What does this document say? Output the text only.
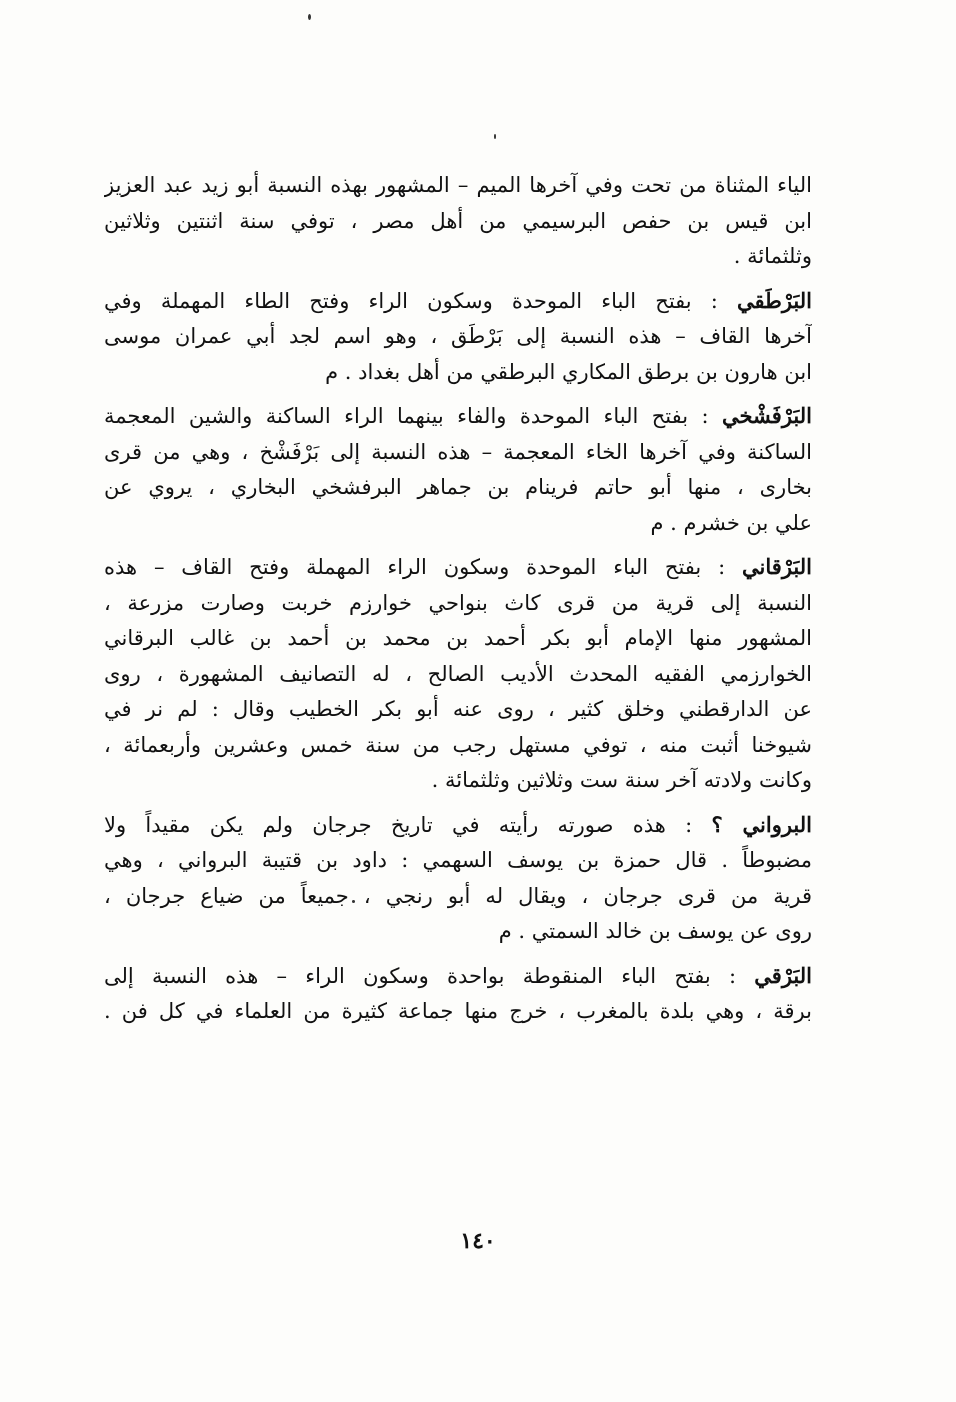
الياء المثناة من تحت وفي آخرها الميم – المشهور بهذه النسبة أبو زيد عبد العزيز
ابن قيس بن حفص البرسيمي من أهل مصر ، توفي سنة اثنتين وثلاثين
وثلثمائة .
البَرْطَقي : بفتح الباء الموحدة وسكون الراء وفتح الطاء المهملة وفي
آخرها القاف – هذه النسبة إلى بَرْطَق ، وهو اسم لجد أبي عمران موسى
ابن هارون بن برطق المكاري البرطقي من أهل بغداد . م
البَرْفَشْخي : بفتح الباء الموحدة والفاء بينهما الراء الساكنة والشين المعجمة
الساكنة وفي آخرها الخاء المعجمة – هذه النسبة إلى بَرْفَشْخ ، وهي من قرى
بخارى ، منها أبو حاتم فرينام بن جماهر البرفشخي البخاري ، يروي عن
علي بن خشرم . م
البَرْقاني : بفتح الباء الموحدة وسكون الراء المهملة وفتح القاف – هذه
النسبة إلى قرية من قرى كاث بنواحي خوارزم خربت وصارت مزرعة ،
المشهور منها الإمام أبو بكر أحمد بن محمد بن أحمد بن غالب البرقاني
الخوارزمي الفقيه المحدث الأديب الصالح ، له التصانيف المشهورة ، روى
عن الدارقطني وخلق كثير ، روى عنه أبو بكر الخطيب وقال : لم نر في
شيوخنا أثبت منه ، توفي مستهل رجب من سنة خمس وعشرين وأربعمائة ،
وكانت ولادته آخر سنة ست وثلاثين وثلثمائة .
البرواني ؟ : هذه صورته رأيته في تاريخ جرجان ولم يكن مقيداً ولا
مضبوطاً . قال حمزة بن يوسف السهمي : داود بن قتيبة البرواني ، وهي
قرية من قرى جرجان ، ويقال له أبو رنجي ، جميعاً من ضياع جرجان ،
روى عن يوسف بن خالد السمتي . م
البَرْقي : بفتح الباء المنقوطة بواحدة وسكون الراء – هذه النسبة إلى
برقة ، وهي بلدة بالمغرب ، خرج منها جماعة كثيرة من العلماء في كل فن .
١٤٠
